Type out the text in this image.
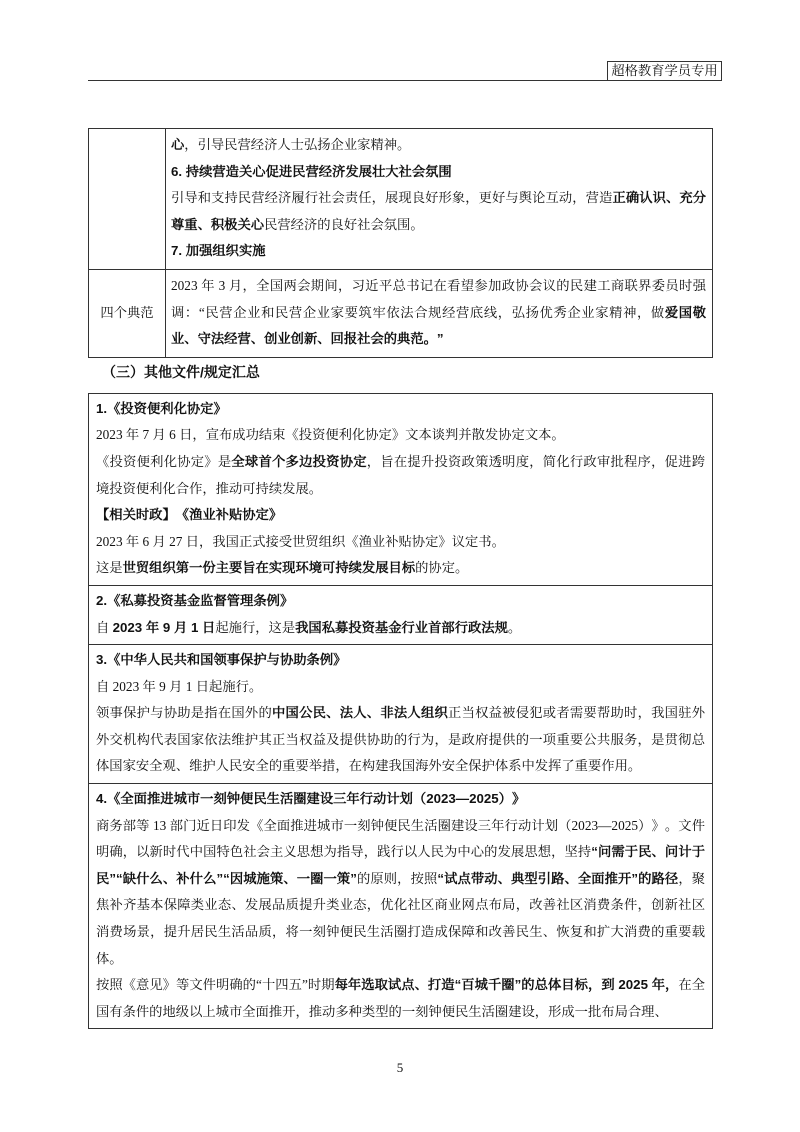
超格教育学员专用

	心，引导民营经济人士弘扬企业家精神。
6. 持续营造关心促进民营经济发展壮大社会氛围
引导和支持民营经济履行社会责任，展现良好形象，更好与舆论互动，营造正确认识、充分尊重、积极关心民营经济的良好社会氛围。
7. 加强组织实施

四个典范	2023 年 3 月，全国两会期间，习近平总书记在看望参加政协会议的民建工商联界委员时强调：“民营企业和民营企业家要筑牢依法合规经营底线，弘扬优秀企业家精神，做爱国敬业、守法经营、创业创新、回报社会的典范。”
（三）其他文件/规定汇总
1.《投资便利化协定》
2023 年 7 月 6 日，宣布成功结束《投资便利化协定》文本谈判并散发协定文本。
《投资便利化协定》是全球首个多边投资协定，旨在提升投资政策透明度，简化行政审批程序，促进跨境投资便利化合作，推动可持续发展。
【相关时政】《渔业补贴协定》
2023 年 6 月 27 日，我国正式接受世贸组织《渔业补贴协定》议定书。
这是世贸组织第一份主要旨在实现环境可持续发展目标的协定。

2.《私募投资基金监督管理条例》
自 2023 年 9 月 1 日起施行，这是我国私募投资基金行业首部行政法规。

3.《中华人民共和国领事保护与协助条例》
自 2023 年 9 月 1 日起施行。
领事保护与协助是指在国外的中国公民、法人、非法人组织正当权益被侵犯或者需要帮助时，我国驻外外交机构代表国家依法维护其正当权益及提供协助的行为，是政府提供的一项重要公共服务，是贯彻总体国家安全观、维护人民安全的重要举措，在构建我国海外安全保护体系中发挥了重要作用。

4.《全面推进城市一刻钟便民生活圈建设三年行动计划（2023—2025）》
商务部等 13 部门近日印发《全面推进城市一刻钟便民生活圈建设三年行动计划（2023—2025）》。文件明确，以新时代中国特色社会主义思想为指导，践行以人民为中心的发展思想，坚持“问需于民、问计于民”“缺什么、补什么”“因城施策、一圈一策”的原则，按照“试点带动、典型引路、全面推开”的路径，聚焦补齐基本保障类业态、发展品质提升类业态，优化社区商业网点布局，改善社区消费条件，创新社区消费场景，提升居民生活品质，将一刻钟便民生活圈打造成保障和改善民生、恢复和扩大消费的重要载体。
按照《意见》等文件明确的“十四五”时期每年选取试点、打造“百城千圈”的总体目标，到 2025 年，在全国有条件的地级以上城市全面推开，推动多种类型的一刻钟便民生活圈建设，形成一批布局合理、
5
